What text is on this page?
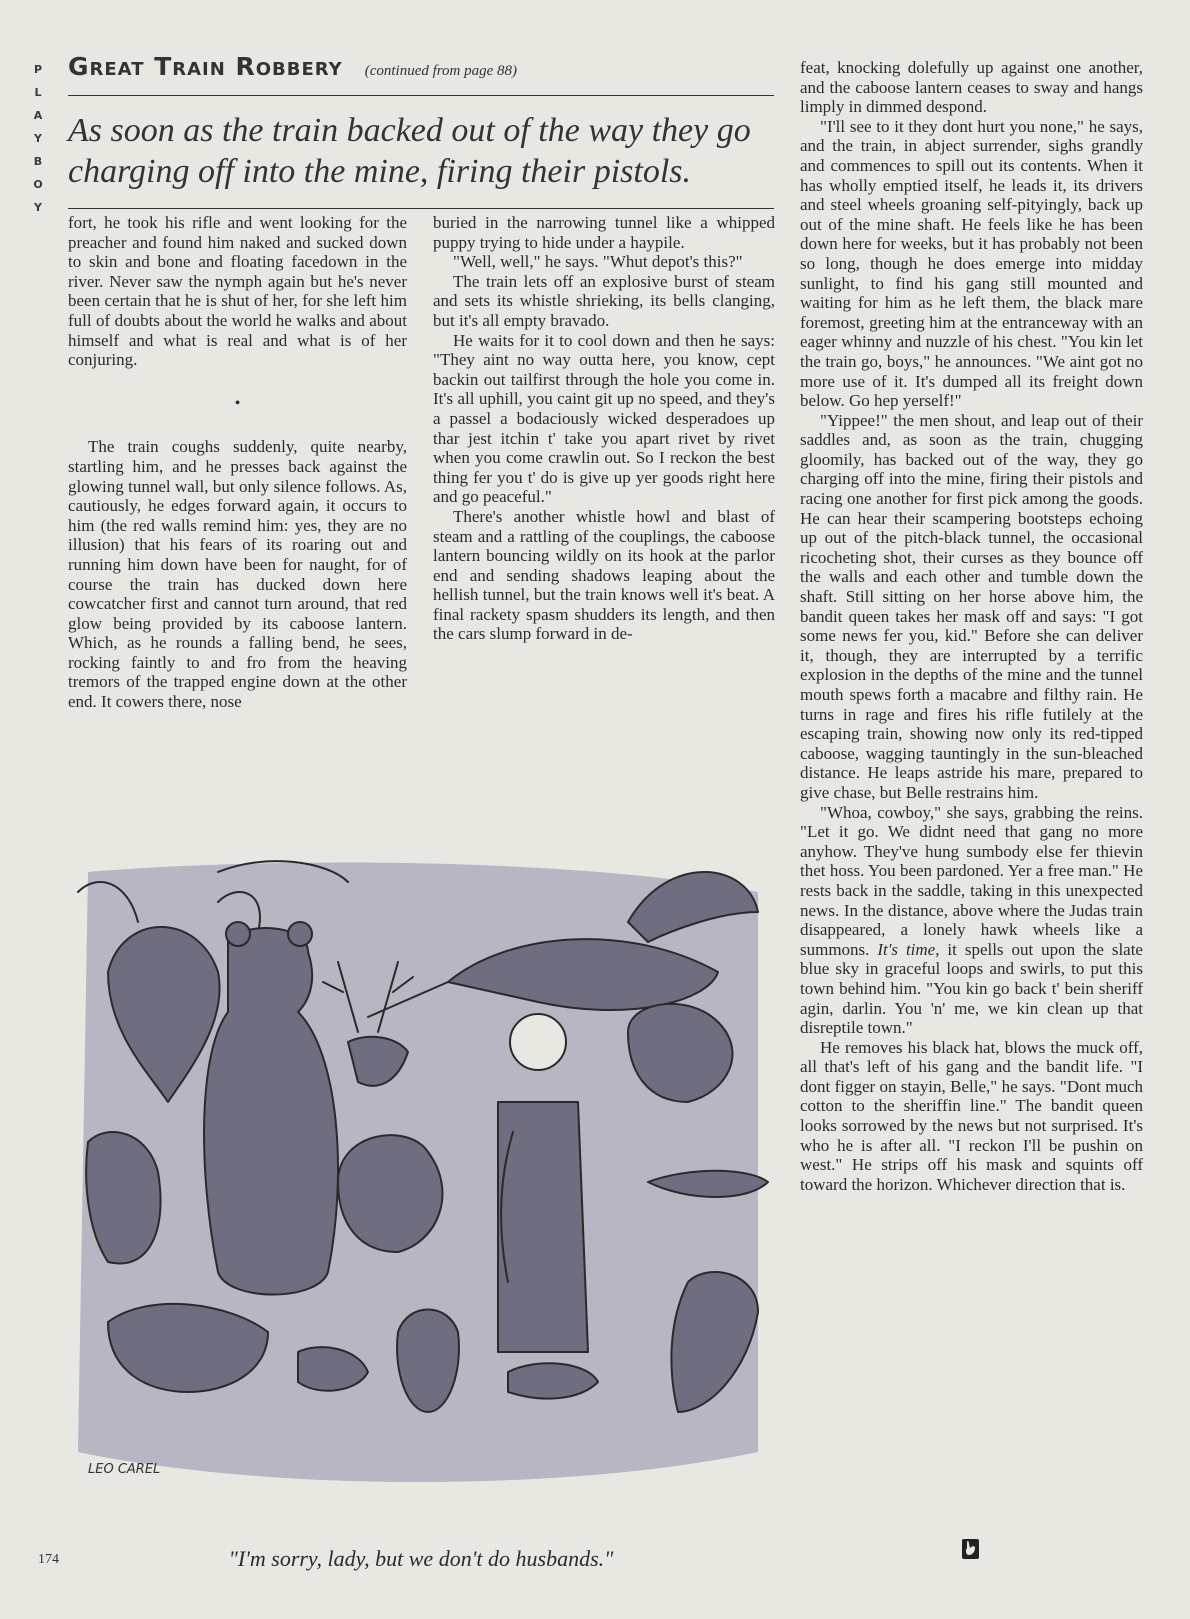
P
L
A
Y
B
O
Y
Great Train Robbery (continued from page 88)
As soon as the train backed out of the way they go charging off into the mine, firing their pistols.

fort, he took his rifle and went looking for the preacher and found him naked and sucked down to skin and bone and floating facedown in the river. Never saw the nymph again but he's never been certain that he is shut of her, for she left him full of doubts about the world he walks and about himself and what is real and what is of her conjuring.

•

The train coughs suddenly, quite nearby, startling him, and he presses back against the glowing tunnel wall, but only silence follows. As, cautiously, he edges forward again, it occurs to him (the red walls remind him: yes, they are no illusion) that his fears of its roaring out and running him down have been for naught, for of course the train has ducked down here cowcatcher first and cannot turn around, that red glow being provided by its caboose lantern. Which, as he rounds a falling bend, he sees, rocking faintly to and fro from the heaving tremors of the trapped engine down at the other end. It cowers there, nose

buried in the narrowing tunnel like a whipped puppy trying to hide under a haypile.

"Well, well," he says. "Whut depot's this?"

The train lets off an explosive burst of steam and sets its whistle shrieking, its bells clanging, but it's all empty bravado.

He waits for it to cool down and then he says: "They aint no way outta here, you know, cept backin out tailfirst through the hole you come in. It's all uphill, you caint git up no speed, and they's a passel a bodaciously wicked desperadoes up thar jest itchin t' take you apart rivet by rivet when you come crawlin out. So I reckon the best thing fer you t' do is give up yer goods right here and go peaceful."

There's another whistle howl and blast of steam and a rattling of the couplings, the caboose lantern bouncing wildly on its hook at the parlor end and sending shadows leaping about the hellish tunnel, but the train knows well it's beat. A final rackety spasm shudders its length, and then the cars slump forward in de-

feat, knocking dolefully up against one another, and the caboose lantern ceases to sway and hangs limply in dimmed despond.

"I'll see to it they dont hurt you none," he says, and the train, in abject surrender, sighs grandly and commences to spill out its contents. When it has wholly emptied itself, he leads it, its drivers and steel wheels groaning self-pityingly, back up out of the mine shaft. He feels like he has been down here for weeks, but it has probably not been so long, though he does emerge into midday sunlight, to find his gang still mounted and waiting for him as he left them, the black mare foremost, greeting him at the entranceway with an eager whinny and nuzzle of his chest. "You kin let the train go, boys," he announces. "We aint got no more use of it. It's dumped all its freight down below. Go hep yerself!"

"Yippee!" the men shout, and leap out of their saddles and, as soon as the train, chugging gloomily, has backed out of the way, they go charging off into the mine, firing their pistols and racing one another for first pick among the goods. He can hear their scampering bootsteps echoing up out of the pitch-black tunnel, the occasional ricocheting shot, their curses as they bounce off the walls and each other and tumble down the shaft. Still sitting on her horse above him, the bandit queen takes her mask off and says: "I got some news fer you, kid." Before she can deliver it, though, they are interrupted by a terrific explosion in the depths of the mine and the tunnel mouth spews forth a macabre and filthy rain. He turns in rage and fires his rifle futilely at the escaping train, showing now only its red-tipped caboose, wagging tauntingly in the sun-bleached distance. He leaps astride his mare, prepared to give chase, but Belle restrains him.

"Whoa, cowboy," she says, grabbing the reins. "Let it go. We didnt need that gang no more anyhow. They've hung sumbody else fer thievin thet hoss. You been pardoned. Yer a free man." He rests back in the saddle, taking in this unexpected news. In the distance, above where the Judas train disappeared, a lonely hawk wheels like a summons. It's time, it spells out upon the slate blue sky in graceful loops and swirls, to put this town behind him. "You kin go back t' bein sheriff agin, darlin. You 'n' me, we kin clean up that disreptile town."

He removes his black hat, blows the muck off, all that's left of his gang and the bandit life. "I dont figger on stayin, Belle," he says. "Dont much cotton to the sheriffin line." The bandit queen looks sorrowed by the news but not surprised. It's who he is after all. "I reckon I'll be pushin on west." He strips off his mask and squints off toward the horizon. Whichever direction that is.

LEO CAREL
"I'm sorry, lady, but we don't do husbands."
174
